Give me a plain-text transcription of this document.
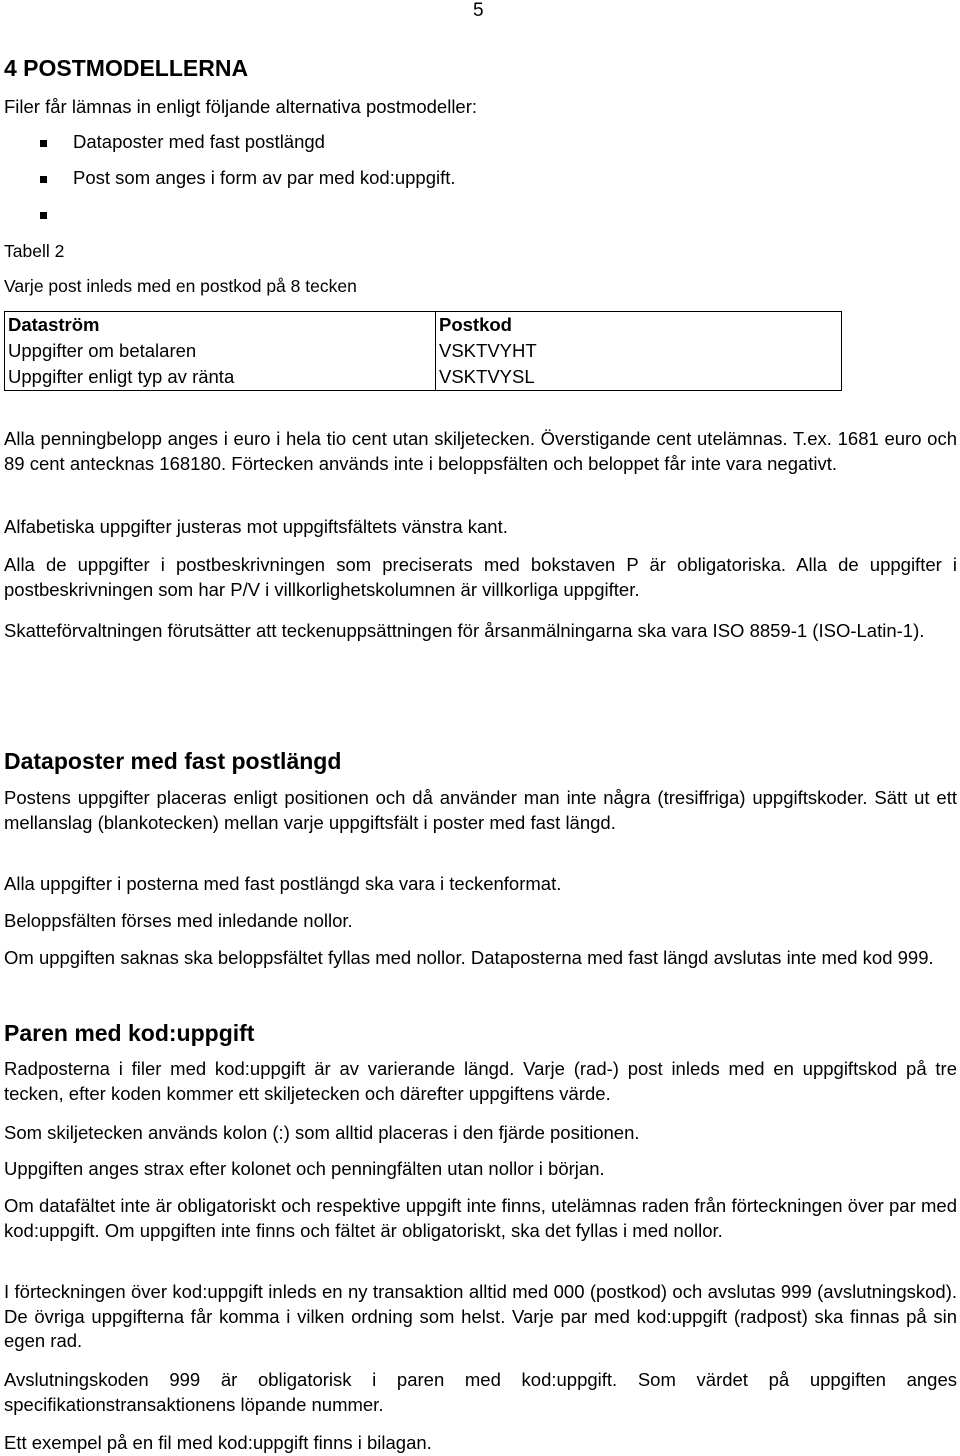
5
4 POSTMODELLERNA
Filer får lämnas in enligt följande alternativa postmodeller:
Dataposter med fast postlängd
Post som anges i form av par med kod:uppgift.
Tabell 2
Varje post inleds med en postkod på 8 tecken
Dataström	Postkod
Uppgifter om betalaren	VSKTVYHT
Uppgifter enligt typ av ränta	VSKTVYSL
Alla penningbelopp anges i euro i hela tio cent utan skiljetecken. Överstigande cent utelämnas. T.ex. 1681 euro och 89 cent antecknas 168180. Förtecken används inte i beloppsfälten och beloppet får inte vara negativt.
Alfabetiska uppgifter justeras mot uppgiftsfältets vänstra kant.
Alla de uppgifter i postbeskrivningen som preciserats med bokstaven P är obligatoriska. Alla de uppgifter i postbeskrivningen som har P/V i villkorlighetskolumnen är villkorliga uppgifter.
Skatteförvaltningen förutsätter att teckenuppsättningen för årsanmälningarna ska vara ISO 8859-1 (ISO-Latin-1).
Dataposter med fast postlängd
Postens uppgifter placeras enligt positionen och då använder man inte några (tresiffriga) uppgiftskoder. Sätt ut ett mellanslag (blankotecken) mellan varje uppgiftsfält i poster med fast längd.
Alla uppgifter i posterna med fast postlängd ska vara i teckenformat.
Beloppsfälten förses med inledande nollor.
Om uppgiften saknas ska beloppsfältet fyllas med nollor. Dataposterna med fast längd avslutas inte med kod 999.
Paren med kod:uppgift
Radposterna i filer med kod:uppgift är av varierande längd. Varje (rad-) post inleds med en uppgiftskod på tre tecken, efter koden kommer ett skiljetecken och därefter uppgiftens värde.
Som skiljetecken används kolon (:) som alltid placeras i den fjärde positionen.
Uppgiften anges strax efter kolonet och penningfälten utan nollor i början.
Om datafältet inte är obligatoriskt och respektive uppgift inte finns, utelämnas raden från förteckningen över par med kod:uppgift. Om uppgiften inte finns och fältet är obligatoriskt, ska det fyllas i med nollor.
I förteckningen över kod:uppgift inleds en ny transaktion alltid med 000 (postkod) och avslutas 999 (avslutningskod). De övriga uppgifterna får komma i vilken ordning som helst. Varje par med kod:uppgift (radpost) ska finnas på sin egen rad.
Avslutningskoden 999 är obligatorisk i paren med kod:uppgift. Som värdet på uppgiften anges specifikationstransaktionens löpande nummer.
Ett exempel på en fil med kod:uppgift finns i bilagan.
